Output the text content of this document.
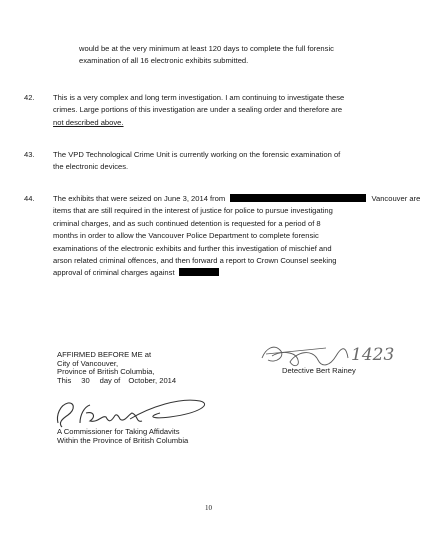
would be at the very minimum at least 120 days to complete the full forensic
examination of all 16 electronic exhibits submitted.
42. This is a very complex and long term investigation. I am continuing to investigate these
crimes. Large portions of this investigation are under a sealing order and therefore are
not described above.
43. The VPD Technological Crime Unit is currently working on the forensic examination of
the electronic devices.
44. The exhibits that were seized on June 3, 2014 from	Vancouver are
items that are still required in the interest of justice for police to pursue investigating
criminal charges, and as such continued detention is requested for a period of 8
months in order to allow the Vancouver Police Department to complete forensic
examinations of the electronic exhibits and further this investigation of mischief and
arson related criminal offences, and then forward a report to Crown Counsel seeking
approval of criminal charges against
AFFIRMED BEFORE ME at
City of Vancouver,
Province of British Columbia,
This 30 day of October, 2014
1423
Detective Bert Rainey
A Commissioner for Taking Affidavits
Within the Province of British Columbia
10
